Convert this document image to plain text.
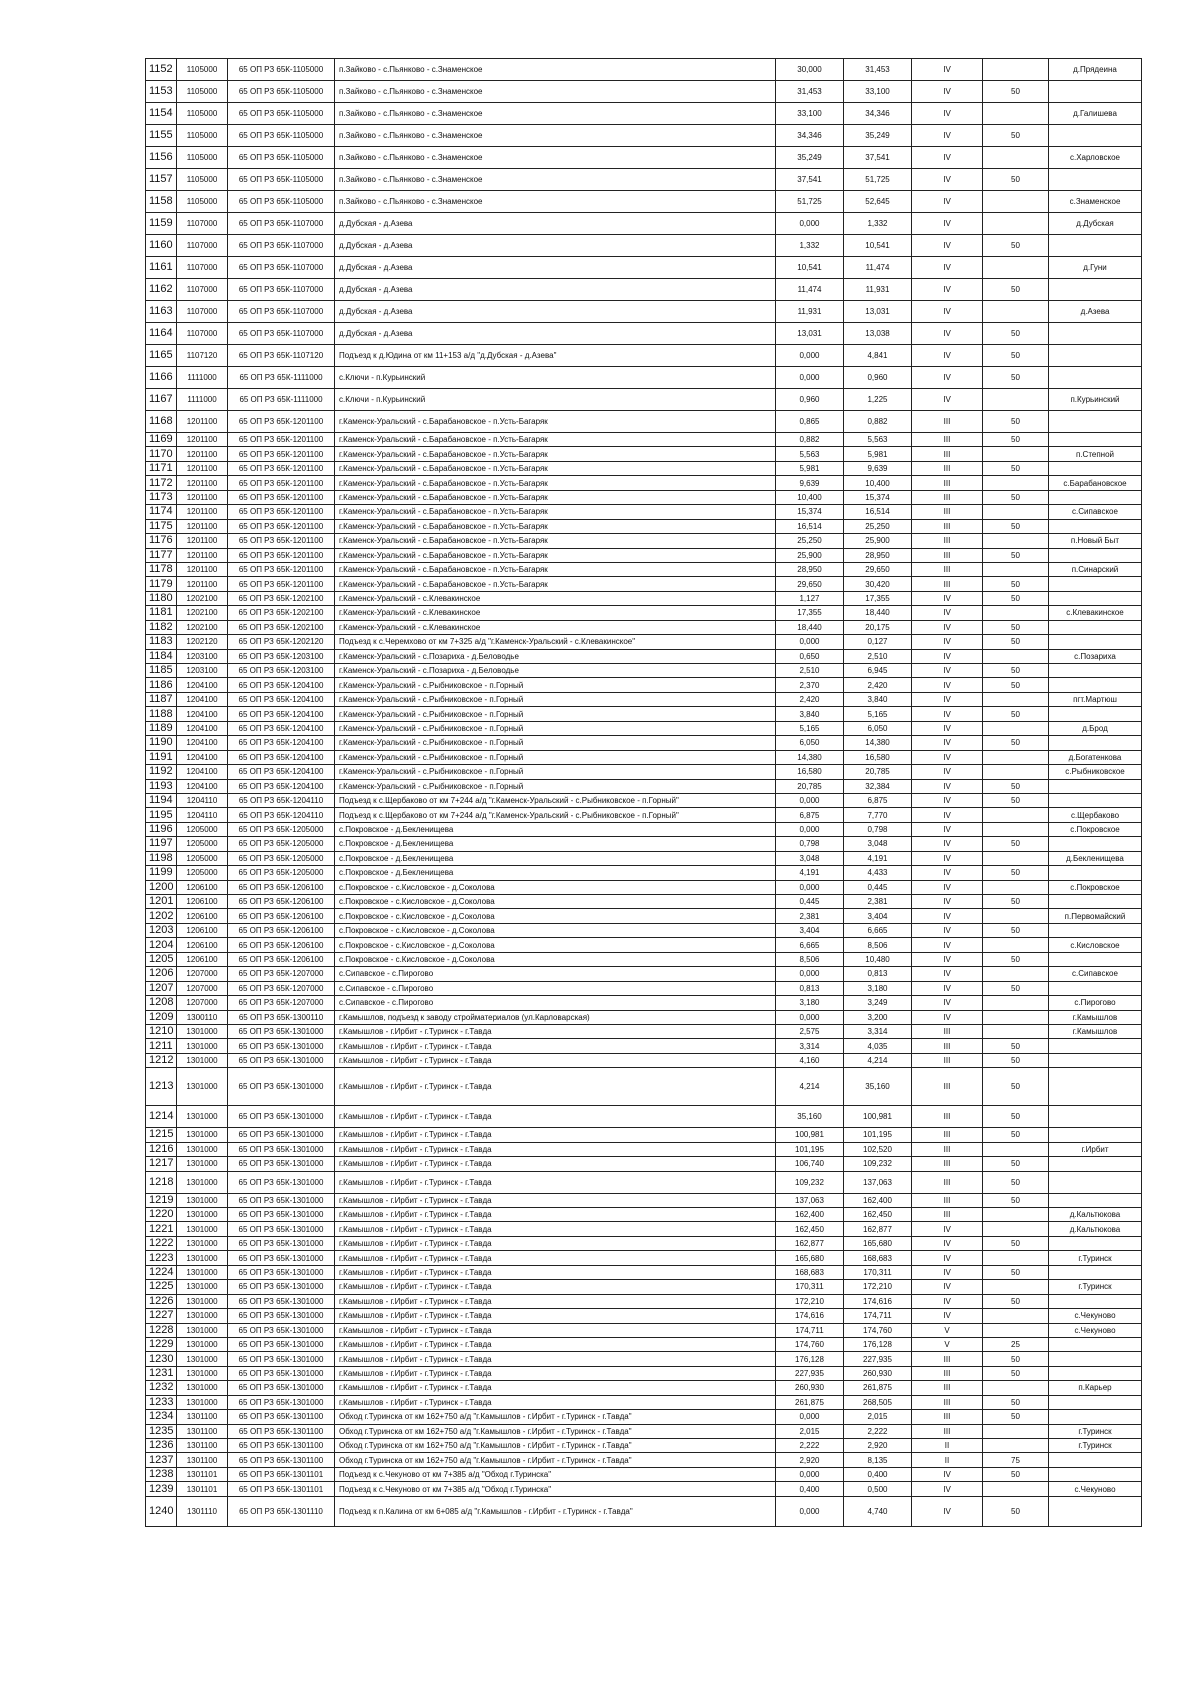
1152	1105000	65 ОП РЗ 65К-1105000	п.Зайково - с.Пьянково - с.Знаменское	30,000	31,453	IV		д.Прядеина
1153	1105000	65 ОП РЗ 65К-1105000	п.Зайково - с.Пьянково - с.Знаменское	31,453	33,100	IV	50	
1154	1105000	65 ОП РЗ 65К-1105000	п.Зайково - с.Пьянково - с.Знаменское	33,100	34,346	IV		д.Галишева
1155	1105000	65 ОП РЗ 65К-1105000	п.Зайково - с.Пьянково - с.Знаменское	34,346	35,249	IV	50	
1156	1105000	65 ОП РЗ 65К-1105000	п.Зайково - с.Пьянково - с.Знаменское	35,249	37,541	IV		с.Харловское
1157	1105000	65 ОП РЗ 65К-1105000	п.Зайково - с.Пьянково - с.Знаменское	37,541	51,725	IV	50	
1158	1105000	65 ОП РЗ 65К-1105000	п.Зайково - с.Пьянково - с.Знаменское	51,725	52,645	IV		с.Знаменское
1159	1107000	65 ОП РЗ 65К-1107000	д.Дубская - д.Азева	0,000	1,332	IV		д.Дубская
1160	1107000	65 ОП РЗ 65К-1107000	д.Дубская - д.Азева	1,332	10,541	IV	50	
1161	1107000	65 ОП РЗ 65К-1107000	д.Дубская - д.Азева	10,541	11,474	IV		д.Гуни
1162	1107000	65 ОП РЗ 65К-1107000	д.Дубская - д.Азева	11,474	11,931	IV	50	
1163	1107000	65 ОП РЗ 65К-1107000	д.Дубская - д.Азева	11,931	13,031	IV		д.Азева
1164	1107000	65 ОП РЗ 65К-1107000	д.Дубская - д.Азева	13,031	13,038	IV	50	
1165	1107120	65 ОП РЗ 65К-1107120	Подъезд к д.Юдина от км 11+153 а/д "д.Дубская - д.Азева"	0,000	4,841	IV	50	
1166	1111000	65 ОП РЗ 65К-1111000	с.Ключи - п.Курьинский	0,000	0,960	IV	50	
1167	1111000	65 ОП РЗ 65К-1111000	с.Ключи - п.Курьинский	0,960	1,225	IV		п.Курьинский
1168	1201100	65 ОП РЗ 65К-1201100	г.Каменск-Уральский - с.Барабановское - п.Усть-Багаряк	0,865	0,882	III	50	
1169	1201100	65 ОП РЗ 65К-1201100	г.Каменск-Уральский - с.Барабановское - п.Усть-Багаряк	0,882	5,563	III	50	
1170	1201100	65 ОП РЗ 65К-1201100	г.Каменск-Уральский - с.Барабановское - п.Усть-Багаряк	5,563	5,981	III		п.Степной
1171	1201100	65 ОП РЗ 65К-1201100	г.Каменск-Уральский - с.Барабановское - п.Усть-Багаряк	5,981	9,639	III	50	
1172	1201100	65 ОП РЗ 65К-1201100	г.Каменск-Уральский - с.Барабановское - п.Усть-Багаряк	9,639	10,400	III		с.Барабановское
1173	1201100	65 ОП РЗ 65К-1201100	г.Каменск-Уральский - с.Барабановское - п.Усть-Багаряк	10,400	15,374	III	50	
1174	1201100	65 ОП РЗ 65К-1201100	г.Каменск-Уральский - с.Барабановское - п.Усть-Багаряк	15,374	16,514	III		с.Сипавское
1175	1201100	65 ОП РЗ 65К-1201100	г.Каменск-Уральский - с.Барабановское - п.Усть-Багаряк	16,514	25,250	III	50	
1176	1201100	65 ОП РЗ 65К-1201100	г.Каменск-Уральский - с.Барабановское - п.Усть-Багаряк	25,250	25,900	III		п.Новый Быт
1177	1201100	65 ОП РЗ 65К-1201100	г.Каменск-Уральский - с.Барабановское - п.Усть-Багаряк	25,900	28,950	III	50	
1178	1201100	65 ОП РЗ 65К-1201100	г.Каменск-Уральский - с.Барабановское - п.Усть-Багаряк	28,950	29,650	III		п.Синарский
1179	1201100	65 ОП РЗ 65К-1201100	г.Каменск-Уральский - с.Барабановское - п.Усть-Багаряк	29,650	30,420	III	50	
1180	1202100	65 ОП РЗ 65К-1202100	г.Каменск-Уральский - с.Клевакинское	1,127	17,355	IV	50	
1181	1202100	65 ОП РЗ 65К-1202100	г.Каменск-Уральский - с.Клевакинское	17,355	18,440	IV		с.Клевакинское
1182	1202100	65 ОП РЗ 65К-1202100	г.Каменск-Уральский - с.Клевакинское	18,440	20,175	IV	50	
1183	1202120	65 ОП РЗ 65К-1202120	Подъезд к с.Черемхово от км 7+325 а/д "г.Каменск-Уральский - с.Клевакинское"	0,000	0,127	IV	50	
1184	1203100	65 ОП РЗ 65К-1203100	г.Каменск-Уральский - с.Позариха - д.Беловодье	0,650	2,510	IV		с.Позариха
1185	1203100	65 ОП РЗ 65К-1203100	г.Каменск-Уральский - с.Позариха - д.Беловодье	2,510	6,945	IV	50	
1186	1204100	65 ОП РЗ 65К-1204100	г.Каменск-Уральский - с.Рыбниковское - п.Горный	2,370	2,420	IV	50	
1187	1204100	65 ОП РЗ 65К-1204100	г.Каменск-Уральский - с.Рыбниковское - п.Горный	2,420	3,840	IV		пгт.Мартюш
1188	1204100	65 ОП РЗ 65К-1204100	г.Каменск-Уральский - с.Рыбниковское - п.Горный	3,840	5,165	IV	50	
1189	1204100	65 ОП РЗ 65К-1204100	г.Каменск-Уральский - с.Рыбниковское - п.Горный	5,165	6,050	IV		д.Брод
1190	1204100	65 ОП РЗ 65К-1204100	г.Каменск-Уральский - с.Рыбниковское - п.Горный	6,050	14,380	IV	50	
1191	1204100	65 ОП РЗ 65К-1204100	г.Каменск-Уральский - с.Рыбниковское - п.Горный	14,380	16,580	IV		д.Богатенкова
1192	1204100	65 ОП РЗ 65К-1204100	г.Каменск-Уральский - с.Рыбниковское - п.Горный	16,580	20,785	IV		с.Рыбниковское
1193	1204100	65 ОП РЗ 65К-1204100	г.Каменск-Уральский - с.Рыбниковское - п.Горный	20,785	32,384	IV	50	
1194	1204110	65 ОП РЗ 65К-1204110	Подъезд к с.Щербаково от км 7+244 а/д "г.Каменск-Уральский - с.Рыбниковское - п.Горный"	0,000	6,875	IV	50	
1195	1204110	65 ОП РЗ 65К-1204110	Подъезд к с.Щербаково от км 7+244 а/д "г.Каменск-Уральский - с.Рыбниковское - п.Горный"	6,875	7,770	IV		с.Щербаково
1196	1205000	65 ОП РЗ 65К-1205000	с.Покровское - д.Бекленищева	0,000	0,798	IV		с.Покровское
1197	1205000	65 ОП РЗ 65К-1205000	с.Покровское - д.Бекленищева	0,798	3,048	IV	50	
1198	1205000	65 ОП РЗ 65К-1205000	с.Покровское - д.Бекленищева	3,048	4,191	IV		д.Бекленищева
1199	1205000	65 ОП РЗ 65К-1205000	с.Покровское - д.Бекленищева	4,191	4,433	IV	50	
1200	1206100	65 ОП РЗ 65К-1206100	с.Покровское - с.Кисловское - д.Соколова	0,000	0,445	IV		с.Покровское
1201	1206100	65 ОП РЗ 65К-1206100	с.Покровское - с.Кисловское - д.Соколова	0,445	2,381	IV	50	
1202	1206100	65 ОП РЗ 65К-1206100	с.Покровское - с.Кисловское - д.Соколова	2,381	3,404	IV		п.Первомайский
1203	1206100	65 ОП РЗ 65К-1206100	с.Покровское - с.Кисловское - д.Соколова	3,404	6,665	IV	50	
1204	1206100	65 ОП РЗ 65К-1206100	с.Покровское - с.Кисловское - д.Соколова	6,665	8,506	IV		с.Кисловское
1205	1206100	65 ОП РЗ 65К-1206100	с.Покровское - с.Кисловское - д.Соколова	8,506	10,480	IV	50	
1206	1207000	65 ОП РЗ 65К-1207000	с.Сипавское - с.Пирогово	0,000	0,813	IV		с.Сипавское
1207	1207000	65 ОП РЗ 65К-1207000	с.Сипавское - с.Пирогово	0,813	3,180	IV	50	
1208	1207000	65 ОП РЗ 65К-1207000	с.Сипавское - с.Пирогово	3,180	3,249	IV		с.Пирогово
1209	1300110	65 ОП РЗ 65К-1300110	г.Камышлов, подъезд к заводу стройматериалов (ул.Карловарская)	0,000	3,200	IV		г.Камышлов
1210	1301000	65 ОП РЗ 65К-1301000	г.Камышлов - г.Ирбит - г.Туринск - г.Тавда	2,575	3,314	III		г.Камышлов
1211	1301000	65 ОП РЗ 65К-1301000	г.Камышлов - г.Ирбит - г.Туринск - г.Тавда	3,314	4,035	III	50	
1212	1301000	65 ОП РЗ 65К-1301000	г.Камышлов - г.Ирбит - г.Туринск - г.Тавда	4,160	4,214	III	50	
1213	1301000	65 ОП РЗ 65К-1301000	г.Камышлов - г.Ирбит - г.Туринск - г.Тавда	4,214	35,160	III	50	
1214	1301000	65 ОП РЗ 65К-1301000	г.Камышлов - г.Ирбит - г.Туринск - г.Тавда	35,160	100,981	III	50	
1215	1301000	65 ОП РЗ 65К-1301000	г.Камышлов - г.Ирбит - г.Туринск - г.Тавда	100,981	101,195	III	50	
1216	1301000	65 ОП РЗ 65К-1301000	г.Камышлов - г.Ирбит - г.Туринск - г.Тавда	101,195	102,520	III		г.Ирбит
1217	1301000	65 ОП РЗ 65К-1301000	г.Камышлов - г.Ирбит - г.Туринск - г.Тавда	106,740	109,232	III	50	
1218	1301000	65 ОП РЗ 65К-1301000	г.Камышлов - г.Ирбит - г.Туринск - г.Тавда	109,232	137,063	III	50	
1219	1301000	65 ОП РЗ 65К-1301000	г.Камышлов - г.Ирбит - г.Туринск - г.Тавда	137,063	162,400	III	50	
1220	1301000	65 ОП РЗ 65К-1301000	г.Камышлов - г.Ирбит - г.Туринск - г.Тавда	162,400	162,450	III		д.Кальтюкова
1221	1301000	65 ОП РЗ 65К-1301000	г.Камышлов - г.Ирбит - г.Туринск - г.Тавда	162,450	162,877	IV		д.Кальтюкова
1222	1301000	65 ОП РЗ 65К-1301000	г.Камышлов - г.Ирбит - г.Туринск - г.Тавда	162,877	165,680	IV	50	
1223	1301000	65 ОП РЗ 65К-1301000	г.Камышлов - г.Ирбит - г.Туринск - г.Тавда	165,680	168,683	IV		г.Туринск
1224	1301000	65 ОП РЗ 65К-1301000	г.Камышлов - г.Ирбит - г.Туринск - г.Тавда	168,683	170,311	IV	50	
1225	1301000	65 ОП РЗ 65К-1301000	г.Камышлов - г.Ирбит - г.Туринск - г.Тавда	170,311	172,210	IV		г.Туринск
1226	1301000	65 ОП РЗ 65К-1301000	г.Камышлов - г.Ирбит - г.Туринск - г.Тавда	172,210	174,616	IV	50	
1227	1301000	65 ОП РЗ 65К-1301000	г.Камышлов - г.Ирбит - г.Туринск - г.Тавда	174,616	174,711	IV		с.Чекуново
1228	1301000	65 ОП РЗ 65К-1301000	г.Камышлов - г.Ирбит - г.Туринск - г.Тавда	174,711	174,760	V		с.Чекуново
1229	1301000	65 ОП РЗ 65К-1301000	г.Камышлов - г.Ирбит - г.Туринск - г.Тавда	174,760	176,128	V	25	
1230	1301000	65 ОП РЗ 65К-1301000	г.Камышлов - г.Ирбит - г.Туринск - г.Тавда	176,128	227,935	III	50	
1231	1301000	65 ОП РЗ 65К-1301000	г.Камышлов - г.Ирбит - г.Туринск - г.Тавда	227,935	260,930	III	50	
1232	1301000	65 ОП РЗ 65К-1301000	г.Камышлов - г.Ирбит - г.Туринск - г.Тавда	260,930	261,875	III		п.Карьер
1233	1301000	65 ОП РЗ 65К-1301000	г.Камышлов - г.Ирбит - г.Туринск - г.Тавда	261,875	268,505	III	50	
1234	1301100	65 ОП РЗ 65К-1301100	Обход г.Туринска от км 162+750 а/д "г.Камышлов - г.Ирбит - г.Туринск - г.Тавда"	0,000	2,015	III	50	
1235	1301100	65 ОП РЗ 65К-1301100	Обход г.Туринска от км 162+750 а/д "г.Камышлов - г.Ирбит - г.Туринск - г.Тавда"	2,015	2,222	III		г.Туринск
1236	1301100	65 ОП РЗ 65К-1301100	Обход г.Туринска от км 162+750 а/д "г.Камышлов - г.Ирбит - г.Туринск - г.Тавда"	2,222	2,920	II		г.Туринск
1237	1301100	65 ОП РЗ 65К-1301100	Обход г.Туринска от км 162+750 а/д "г.Камышлов - г.Ирбит - г.Туринск - г.Тавда"	2,920	8,135	II	75	
1238	1301101	65 ОП РЗ 65К-1301101	Подъезд к с.Чекуново от км 7+385 а/д "Обход г.Туринска"	0,000	0,400	IV	50	
1239	1301101	65 ОП РЗ 65К-1301101	Подъезд к с.Чекуново от км 7+385 а/д "Обход г.Туринска"	0,400	0,500	IV		с.Чекуново
1240	1301110	65 ОП РЗ 65К-1301110	Подъезд к п.Калина от км 6+085 а/д "г.Камышлов - г.Ирбит - г.Туринск - г.Тавда"	0,000	4,740	IV	50	
